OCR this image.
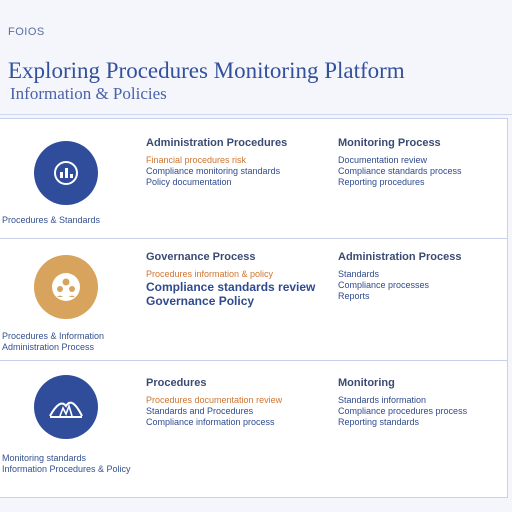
FOIOS
Exploring Procedures Monitoring Platform
Information & Policies
Procedures & Standards
Administration Procedures
Financial procedures risk
Compliance monitoring standards
Policy documentation
Monitoring Process
Documentation review
Compliance standards process
Reporting procedures
Procedures & Information
Administration Process
Governance Process
Procedures information & policy
Compliance standards review
Governance Policy
Administration Process
Standards
Compliance processes
Reports
Monitoring standards
Information Procedures & Policy
Procedures
Procedures documentation review
Standards and Procedures
Compliance information process
Monitoring
Standards information
Compliance procedures process
Reporting standards
